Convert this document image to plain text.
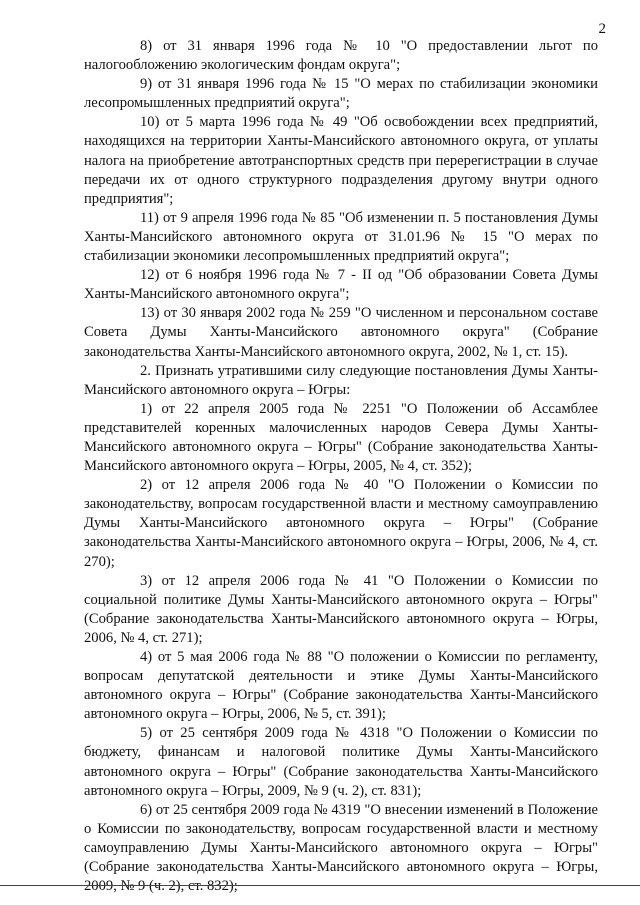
2

8) от 31 января 1996 года № 10 "О предоставлении льгот по налогообложению экологическим фондам округа";

9) от 31 января 1996 года № 15 "О мерах по стабилизации экономики лесопромышленных предприятий округа";

10) от 5 марта 1996 года № 49 "Об освобождении всех предприятий, находящихся на территории Ханты-Мансийского автономного округа, от уплаты налога на приобретение автотранспортных средств при перерегистрации в случае передачи их от одного структурного подразделения другому внутри одного предприятия";

11) от 9 апреля 1996 года № 85 "Об изменении п. 5 постановления Думы Ханты-Мансийского автономного округа от 31.01.96 № 15 "О мерах по стабилизации экономики лесопромышленных предприятий округа";

12) от 6 ноября 1996 года № 7 - II од "Об образовании Совета Думы Ханты-Мансийского автономного округа";

13) от 30 января 2002 года № 259 "О численном и персональном составе Совета Думы Ханты-Мансийского автономного округа" (Собрание законодательства Ханты-Мансийского автономного округа, 2002, № 1, ст. 15).

2. Признать утратившими силу следующие постановления Думы Ханты-Мансийского автономного округа – Югры:

1) от 22 апреля 2005 года № 2251 "О Положении об Ассамблее представителей коренных малочисленных народов Севера Думы Ханты-Мансийского автономного округа – Югры" (Собрание законодательства Ханты-Мансийского автономного округа – Югры, 2005, № 4, ст. 352);

2) от 12 апреля 2006 года № 40 "О Положении о Комиссии по законодательству, вопросам государственной власти и местному самоуправлению Думы Ханты-Мансийского автономного округа – Югры" (Собрание законодательства Ханты-Мансийского автономного округа – Югры, 2006, № 4, ст. 270);

3) от 12 апреля 2006 года № 41 "О Положении о Комиссии по социальной политике Думы Ханты-Мансийского автономного округа – Югры" (Собрание законодательства Ханты-Мансийского автономного округа – Югры, 2006, № 4, ст. 271);

4) от 5 мая 2006 года № 88 "О положении о Комиссии по регламенту, вопросам депутатской деятельности и этике Думы Ханты-Мансийского автономного округа – Югры" (Собрание законодательства Ханты-Мансийского автономного округа – Югры, 2006, № 5, ст. 391);

5) от 25 сентября 2009 года № 4318 "О Положении о Комиссии по бюджету, финансам и налоговой политике Думы Ханты-Мансийского автономного округа – Югры" (Собрание законодательства Ханты-Мансийского автономного округа – Югры, 2009, № 9 (ч. 2), ст. 831);

6) от 25 сентября 2009 года № 4319 "О внесении изменений в Положение о Комиссии по законодательству, вопросам государственной власти и местному самоуправлению Думы Ханты-Мансийского автономного округа – Югры" (Собрание законодательства Ханты-Мансийского автономного округа – Югры, 2009, № 9 (ч. 2), ст. 832);
